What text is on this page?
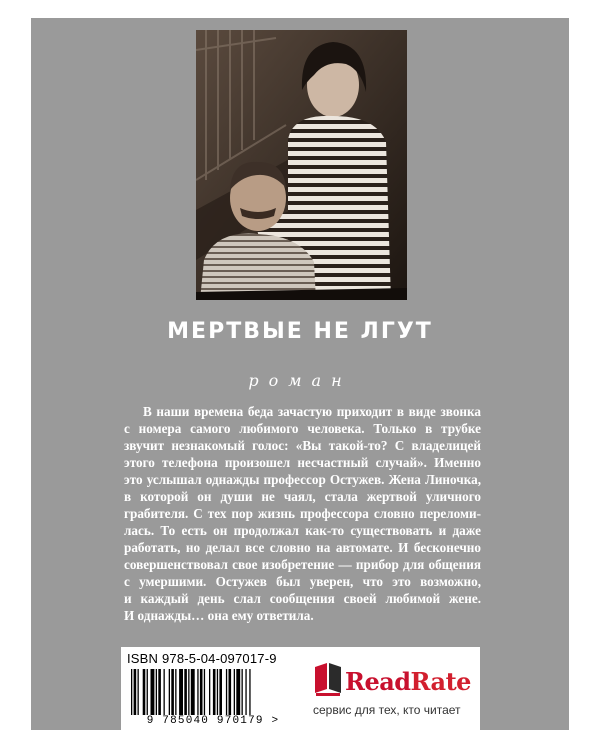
МЕРТВЫЕ НЕ ЛГУТ
роман
В наши времена беда зачастую приходит в виде звонка
с номера самого любимого человека. Только в трубке
звучит незнакомый голос: «Вы такой-то? С владелицей
этого телефона произошел несчастный случай». Именно
это услышал однажды профессор Остужев. Жена Линочка,
в которой он души не чаял, стала жертвой уличного
грабителя. С тех пор жизнь профессора словно переломи-
лась. То есть он продолжал как-то существовать и даже
работать, но делал все словно на автомате. И бесконечно
совершенствовал свое изобретение — прибор для общения
с умершими. Остужев был уверен, что это возможно,
и каждый день слал сообщения своей любимой жене.
И однажды… она ему ответила.
ISBN 978-5-04-097017-9
9 785040 970179 >
ReadRate
сервис для тех, кто читает
